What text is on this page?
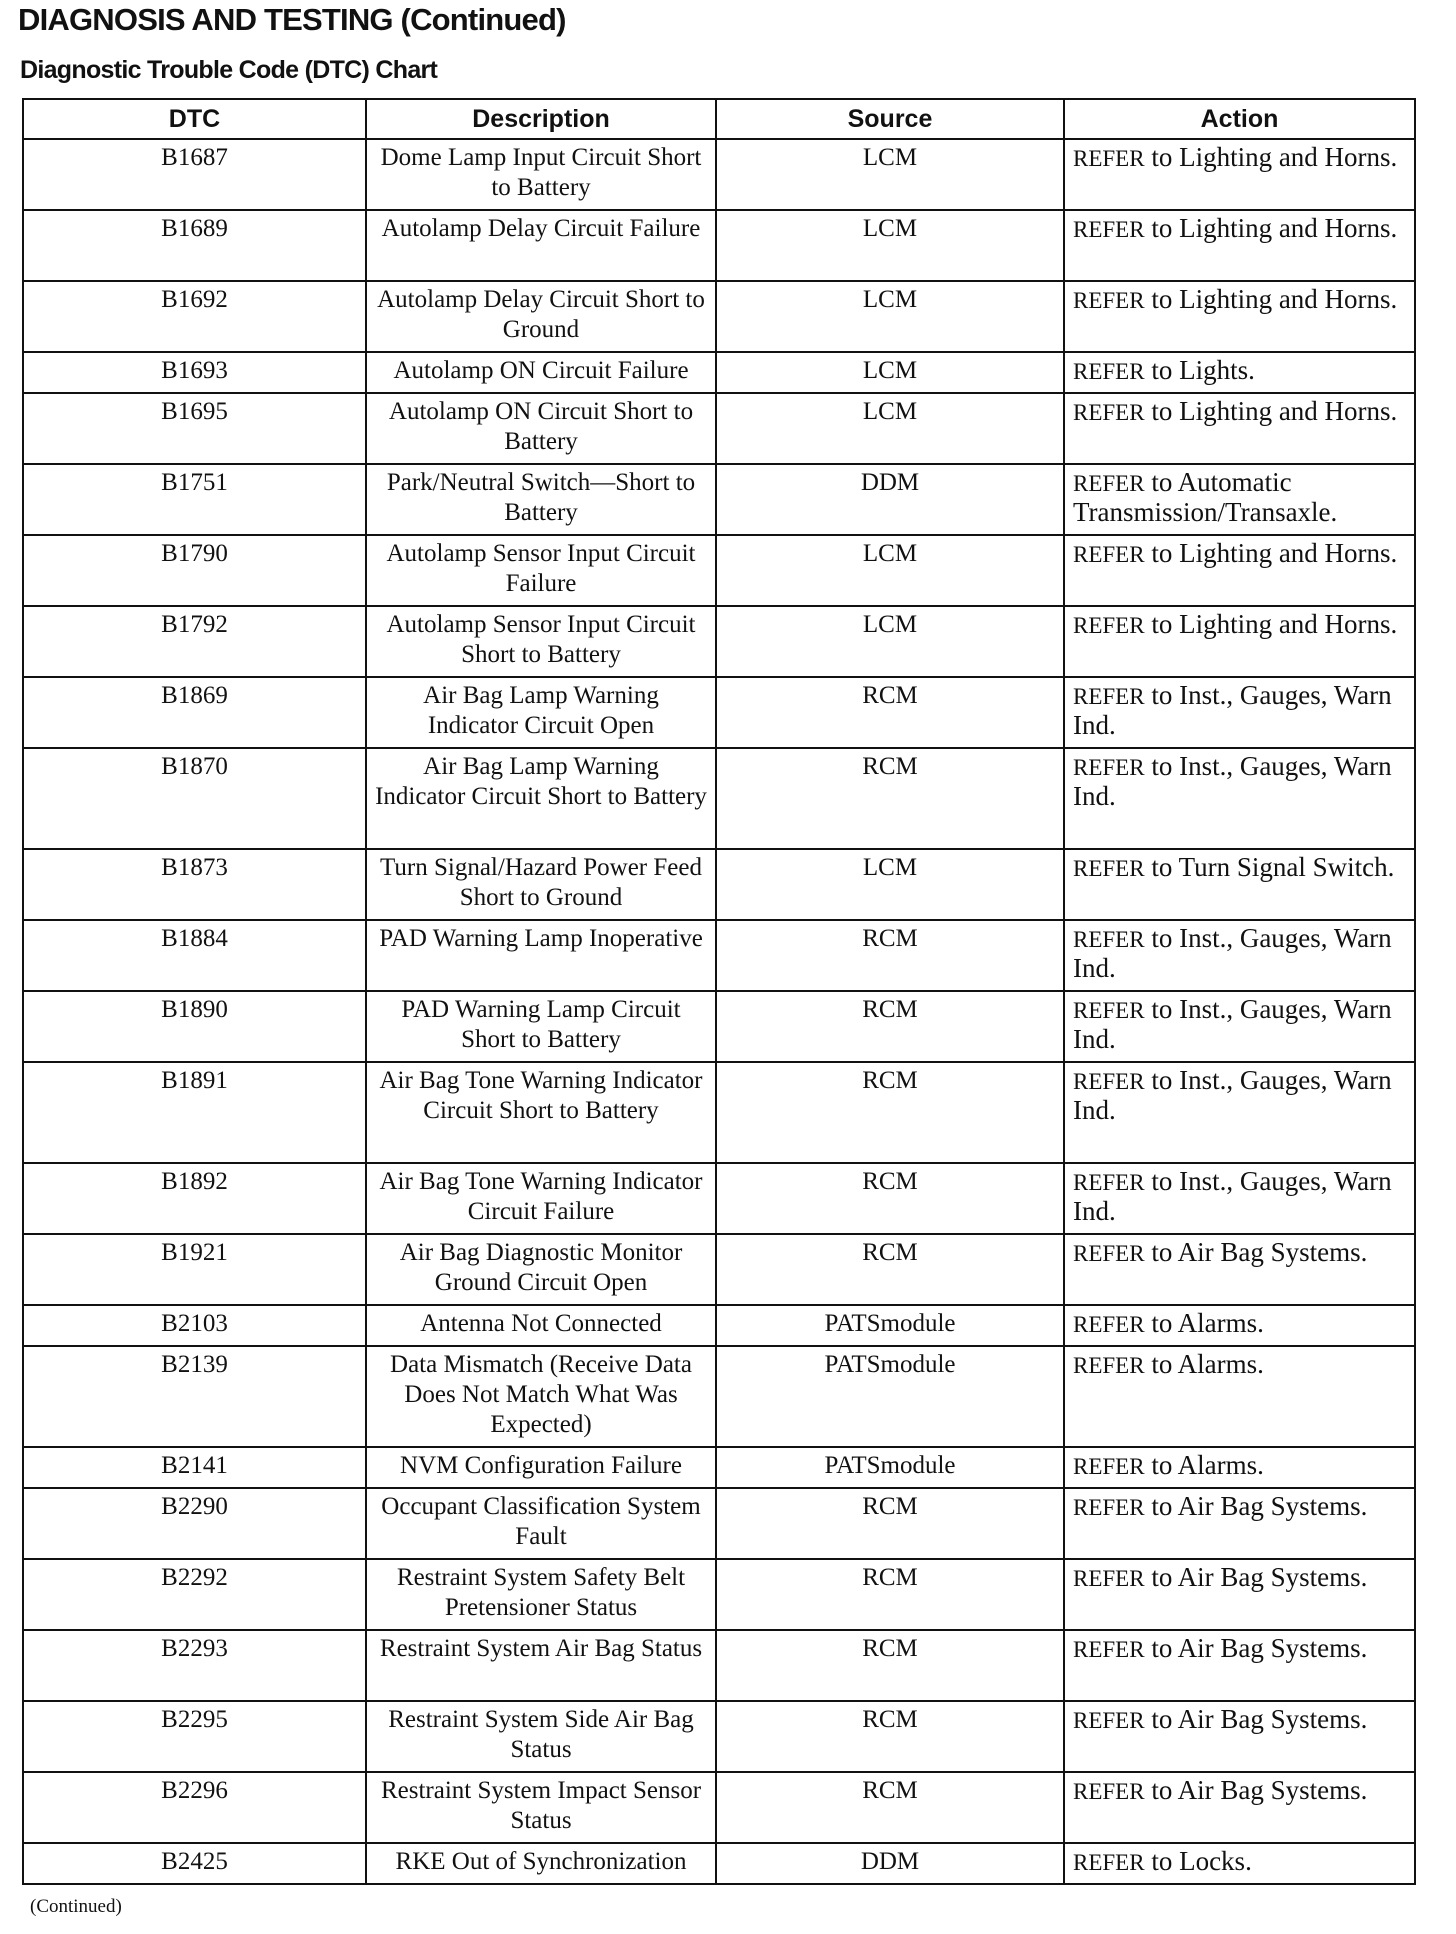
DIAGNOSIS AND TESTING (Continued)
Diagnostic Trouble Code (DTC) Chart
DTC	Description	Source	Action
B1687	Dome Lamp Input Circuit Short to Battery	LCM	REFER to Lighting and Horns.
B1689	Autolamp Delay Circuit Failure	LCM	REFER to Lighting and Horns.
B1692	Autolamp Delay Circuit Short to Ground	LCM	REFER to Lighting and Horns.
B1693	Autolamp ON Circuit Failure	LCM	REFER to Lights.
B1695	Autolamp ON Circuit Short to Battery	LCM	REFER to Lighting and Horns.
B1751	Park/Neutral Switch—Short to Battery	DDM	REFER to Automatic Transmission/Transaxle.
B1790	Autolamp Sensor Input Circuit Failure	LCM	REFER to Lighting and Horns.
B1792	Autolamp Sensor Input Circuit Short to Battery	LCM	REFER to Lighting and Horns.
B1869	Air Bag Lamp Warning Indicator Circuit Open	RCM	REFER to Inst., Gauges, Warn Ind.
B1870	Air Bag Lamp Warning Indicator Circuit Short to Battery	RCM	REFER to Inst., Gauges, Warn Ind.
B1873	Turn Signal/Hazard Power Feed Short to Ground	LCM	REFER to Turn Signal Switch.
B1884	PAD Warning Lamp Inoperative	RCM	REFER to Inst., Gauges, Warn Ind.
B1890	PAD Warning Lamp Circuit Short to Battery	RCM	REFER to Inst., Gauges, Warn Ind.
B1891	Air Bag Tone Warning Indicator Circuit Short to Battery	RCM	REFER to Inst., Gauges, Warn Ind.
B1892	Air Bag Tone Warning Indicator Circuit Failure	RCM	REFER to Inst., Gauges, Warn Ind.
B1921	Air Bag Diagnostic Monitor Ground Circuit Open	RCM	REFER to Air Bag Systems.
B2103	Antenna Not Connected	PATSmodule	REFER to Alarms.
B2139	Data Mismatch (Receive Data Does Not Match What Was Expected)	PATSmodule	REFER to Alarms.
B2141	NVM Configuration Failure	PATSmodule	REFER to Alarms.
B2290	Occupant Classification System Fault	RCM	REFER to Air Bag Systems.
B2292	Restraint System Safety Belt Pretensioner Status	RCM	REFER to Air Bag Systems.
B2293	Restraint System Air Bag Status	RCM	REFER to Air Bag Systems.
B2295	Restraint System Side Air Bag Status	RCM	REFER to Air Bag Systems.
B2296	Restraint System Impact Sensor Status	RCM	REFER to Air Bag Systems.
B2425	RKE Out of Synchronization	DDM	REFER to Locks.
(Continued)
